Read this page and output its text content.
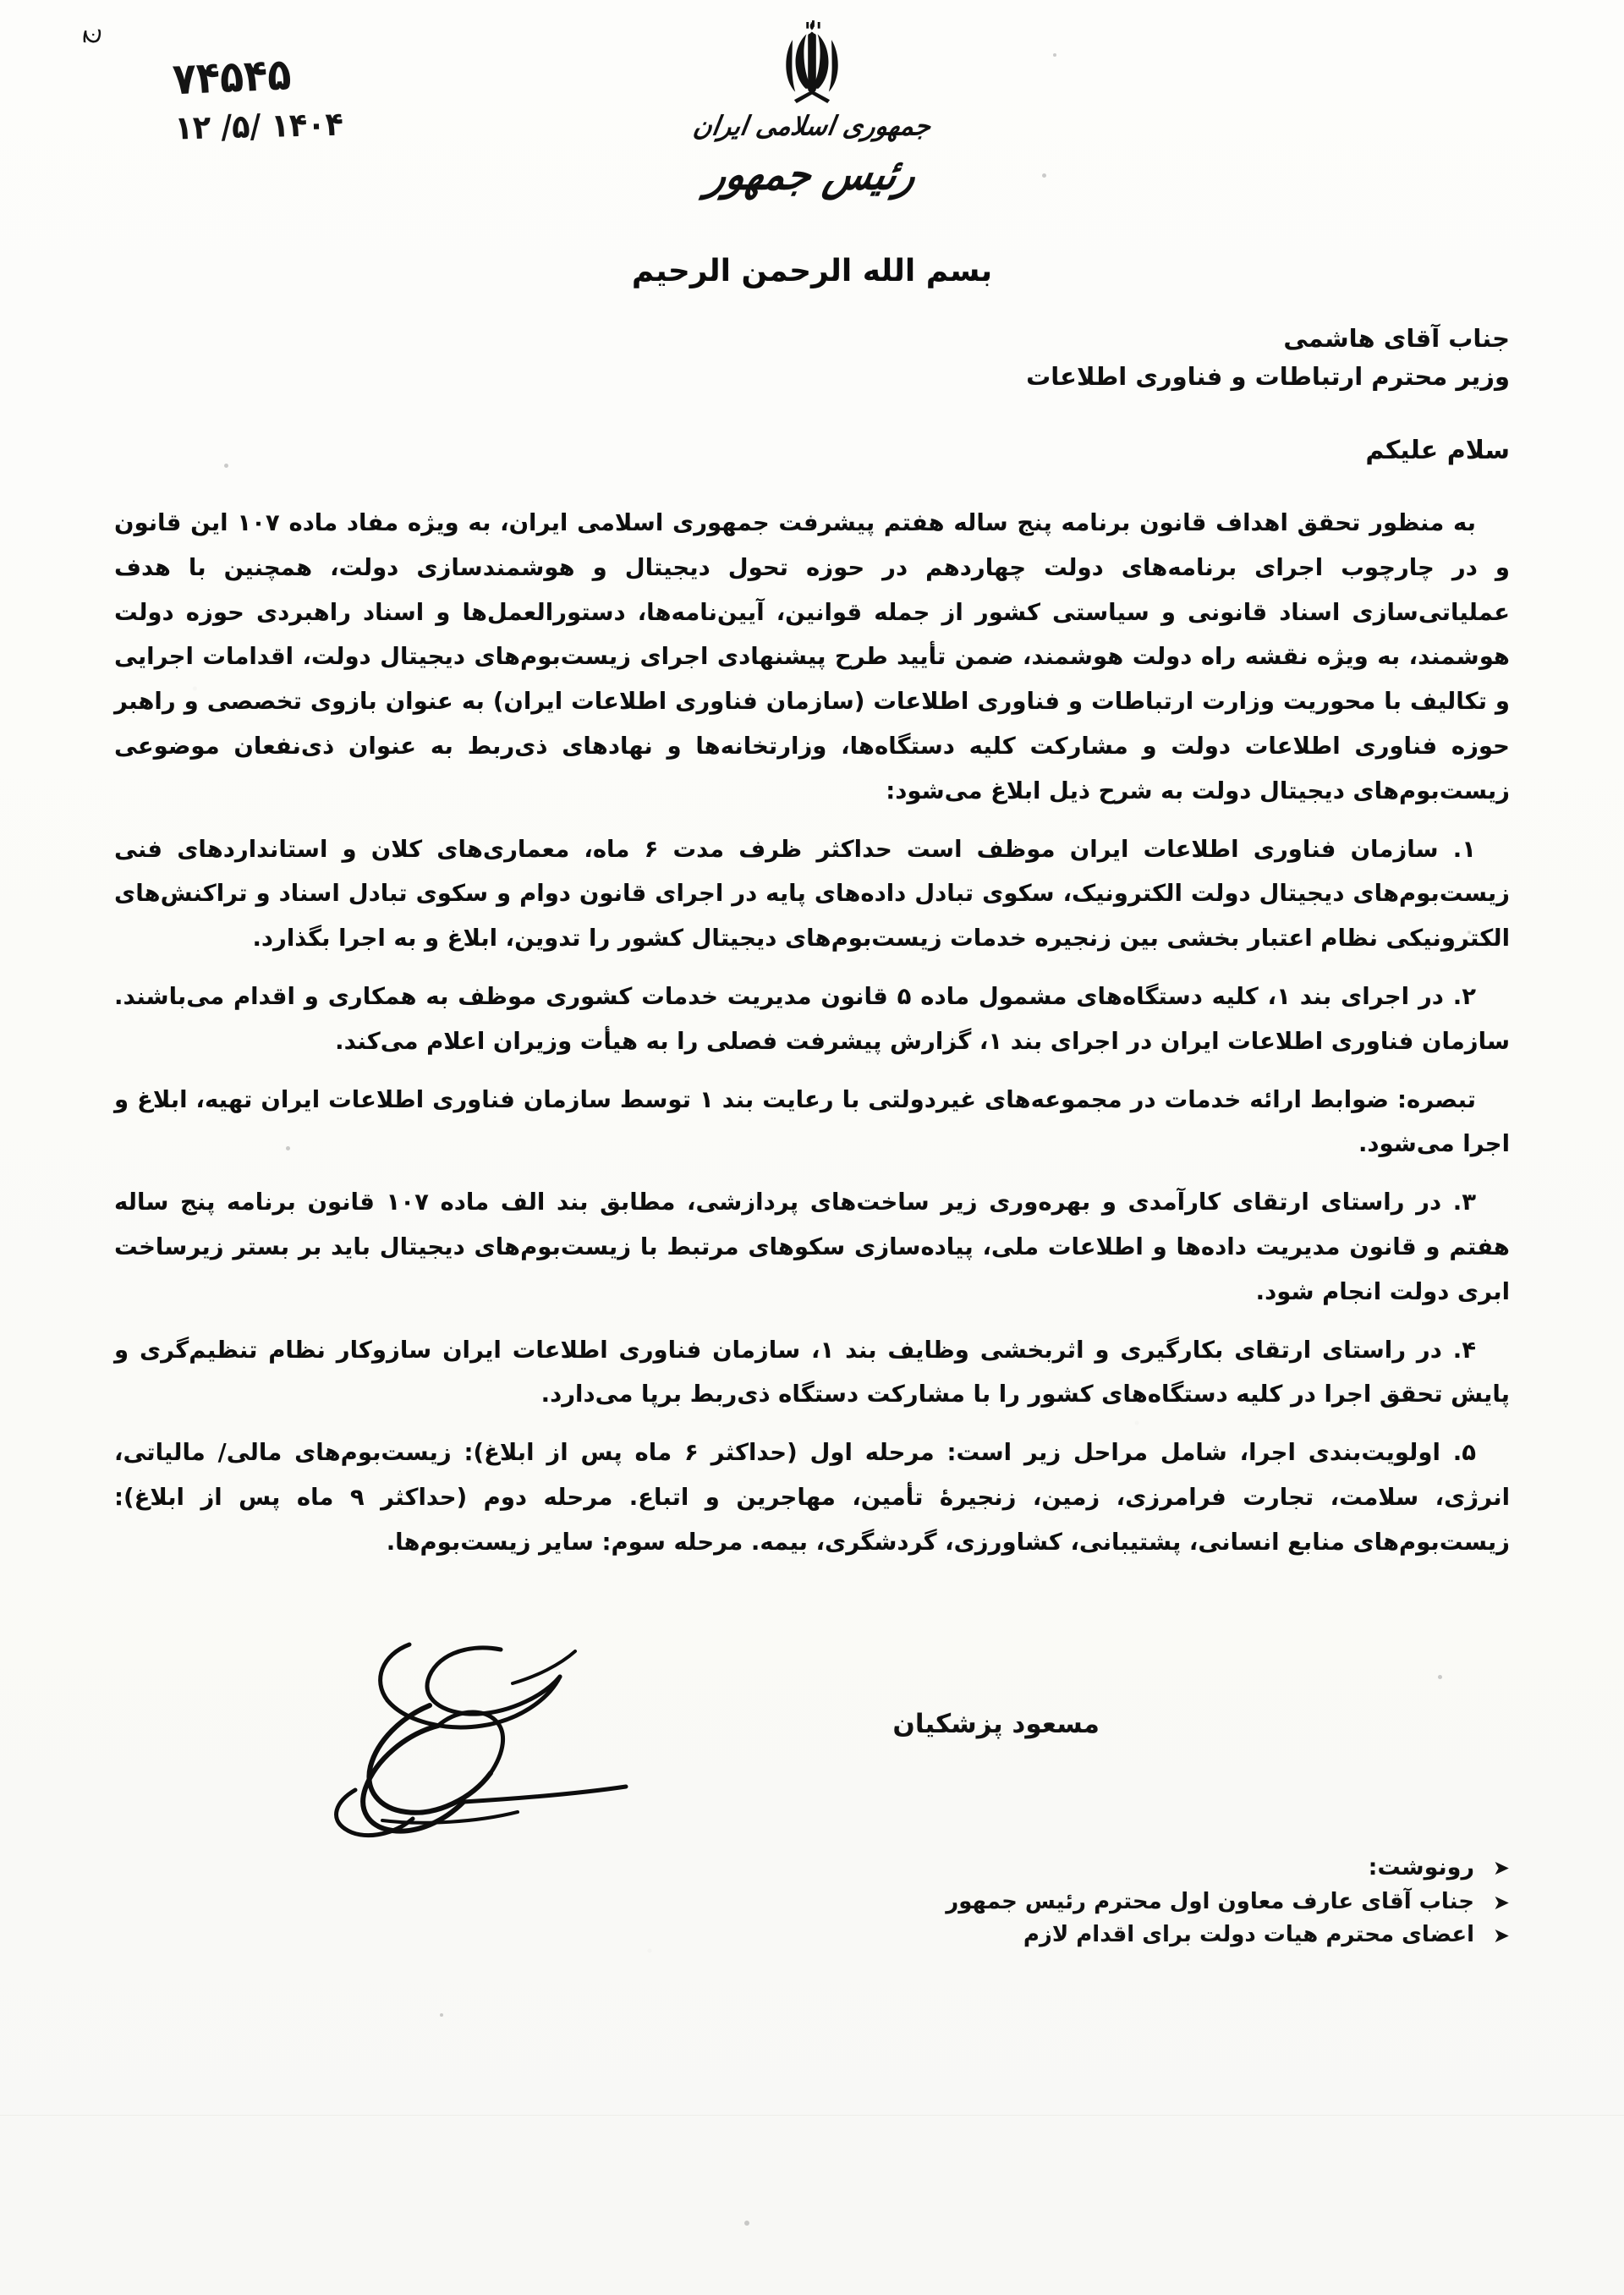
ج
۷۴۵۴۵
۱۴۰۴ /۵/ ۱۲	جمهوری اسلامی ایران
رئیس جمهور
بسم الله الرحمن الرحیم
جناب آقای هاشمی
وزیر محترم ارتباطات و فناوری اطلاعات
سلام علیکم

به منظور تحقق اهداف قانون برنامه پنج ساله هفتم پیشرفت جمهوری اسلامی ایران، به ویژه مفاد ماده ۱۰۷ این قانون و در چارچوب اجرای برنامه‌های دولت چهاردهم در حوزه تحول دیجیتال و هوشمندسازی دولت، همچنین با هدف عملیاتی‌سازی اسناد قانونی و سیاستی کشور از جمله قوانین، آیین‌نامه‌ها، دستورالعمل‌ها و اسناد راهبردی حوزه دولت هوشمند، به ویژه نقشه راه دولت هوشمند، ضمن تأیید طرح پیشنهادی اجرای زیست‌بوم‌های دیجیتال دولت، اقدامات اجرایی و تکالیف با محوریت وزارت ارتباطات و فناوری اطلاعات (سازمان فناوری اطلاعات ایران) به عنوان بازوی تخصصی و راهبر حوزه فناوری اطلاعات دولت و مشارکت کلیه دستگاه‌ها، وزارتخانه‌ها و نهادهای ذی‌ربط به عنوان ذی‌نفعان موضوعی زیست‌بوم‌های دیجیتال دولت به شرح ذیل ابلاغ می‌شود:

۱. سازمان فناوری اطلاعات ایران موظف است حداکثر ظرف مدت ۶ ماه، معماری‌های کلان و استانداردهای فنی زیست‌بوم‌های دیجیتال دولت الکترونیک، سکوی تبادل داده‌های پایه در اجرای قانون دوام و سکوی تبادل اسناد و تراکنش‌های الکترونیکی نظام اعتبار بخشی بین زنجیره خدمات زیست‌بوم‌های دیجیتال کشور را تدوین، ابلاغ و به اجرا بگذارد.

۲. در اجرای بند ۱، کلیه دستگاه‌های مشمول ماده ۵ قانون مدیریت خدمات کشوری موظف به همکاری و اقدام می‌باشند. سازمان فناوری اطلاعات ایران در اجرای بند ۱، گزارش پیشرفت فصلی را به هیأت وزیران اعلام می‌کند.

تبصره: ضوابط ارائه خدمات در مجموعه‌های غیردولتی با رعایت بند ۱ توسط سازمان فناوری اطلاعات ایران تهیه، ابلاغ و اجرا می‌شود.

۳. در راستای ارتقای کارآمدی و بهره‌وری زیر ساخت‌های پردازشی، مطابق بند الف ماده ۱۰۷ قانون برنامه پنج ساله هفتم و قانون مدیریت داده‌ها و اطلاعات ملی، پیاده‌سازی سکوهای مرتبط با زیست‌بوم‌های دیجیتال باید بر بستر زیرساخت ابری دولت انجام شود.

۴. در راستای ارتقای بکارگیری و اثربخشی وظایف بند ۱، سازمان فناوری اطلاعات ایران سازوکار نظام تنظیم‌گری و پایش تحقق اجرا در کلیه دستگاه‌های کشور را با مشارکت دستگاه ذی‌ربط برپا می‌دارد.

۵. اولویت‌بندی اجرا، شامل مراحل زیر است: مرحله اول (حداکثر ۶ ماه پس از ابلاغ): زیست‌بوم‌های مالی/ مالیاتی، انرژی، سلامت، تجارت فرامرزی، زمین، زنجیرهٔ تأمین، مهاجرین و اتباع. مرحله دوم (حداکثر ۹ ماه پس از ابلاغ): زیست‌بوم‌های منابع انسانی، پشتیبانی، کشاورزی، گردشگری، بیمه. مرحله سوم: سایر زیست‌بوم‌ها.

مسعود پزشکیان
➤
رونوشت:
➤
جناب آقای عارف معاون اول محترم رئیس جمهور
➤
اعضای محترم هیات دولت برای اقدام لازم
